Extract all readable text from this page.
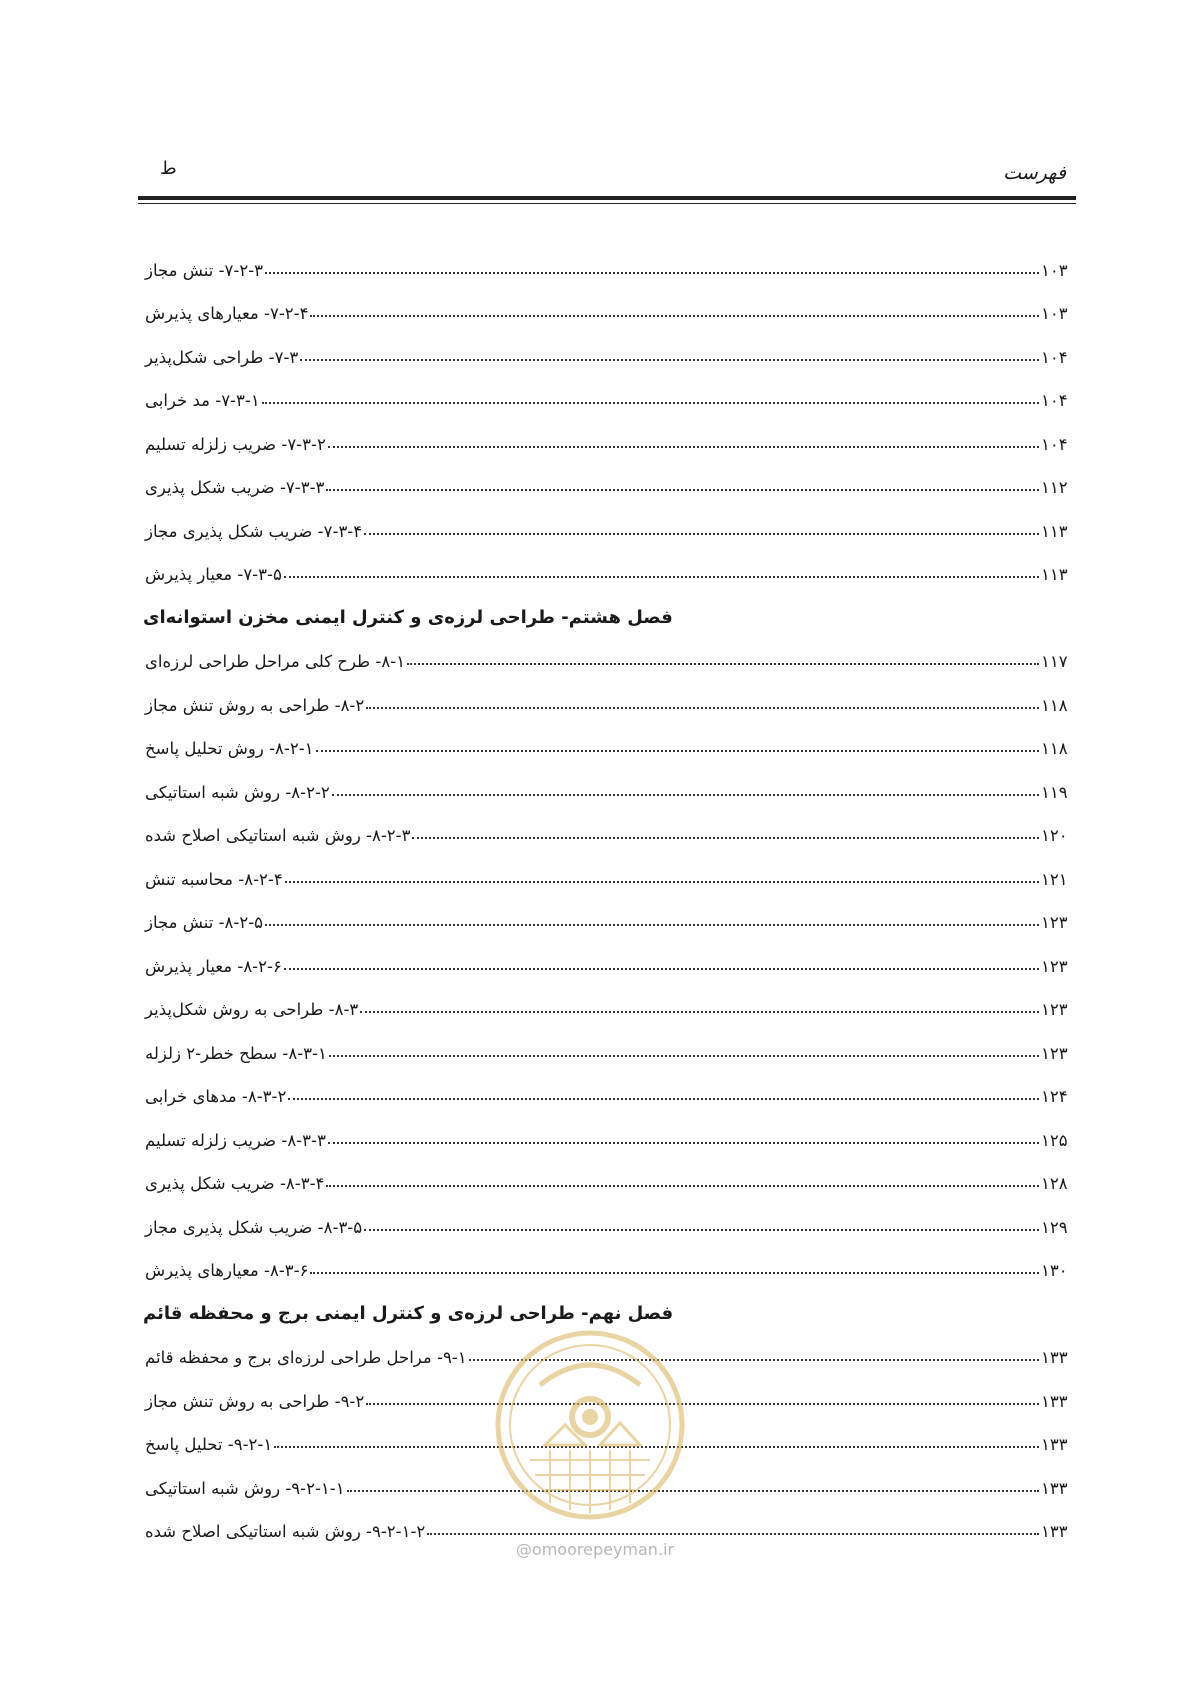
فهرست
ط
۷-۲-۳- تنش مجاز	۱۰۳
۷-۲-۴- معیارهای پذیرش	۱۰۳
۷-۳- طراحی شکل‌پذیر	۱۰۴
۷-۳-۱- مد خرابی	۱۰۴
۷-۳-۲- ضریب زلزله تسلیم	۱۰۴
۷-۳-۳- ضریب شکل پذیری	۱۱۲
۷-۳-۴- ضریب شکل پذیری مجاز	۱۱۳
۷-۳-۵- معیار پذیرش	۱۱۳
فصل هشتم- طراحی لرزه‌ی و کنترل ایمنی مخزن استوانه‌ای
۸-۱- طرح کلی مراحل طراحی لرزه‌ای	۱۱۷
۸-۲- طراحی به روش تنش مجاز	۱۱۸
۸-۲-۱- روش تحلیل پاسخ	۱۱۸
۸-۲-۲- روش شبه استاتیکی	۱۱۹
۸-۲-۳- روش شبه استاتیکی اصلاح شده	۱۲۰
۸-۲-۴- محاسبه تنش	۱۲۱
۸-۲-۵- تنش مجاز	۱۲۳
۸-۲-۶- معیار پذیرش	۱۲۳
۸-۳- طراحی به روش شکل‌پذیر	۱۲۳
۸-۳-۱- سطح خطر-۲ زلزله	۱۲۳
۸-۳-۲- مدهای خرابی	۱۲۴
۸-۳-۳- ضریب زلزله تسلیم	۱۲۵
۸-۳-۴- ضریب شکل پذیری	۱۲۸
۸-۳-۵- ضریب شکل پذیری مجاز	۱۲۹
۸-۳-۶- معیارهای پذیرش	۱۳۰
فصل نهم- طراحی لرزه‌ی و کنترل ایمنی برج و محفظه قائم
۹-۱- مراحل طراحی لرزه‌ای برج و محفظه قائم	۱۳۳
۹-۲- طراحی به روش تنش مجاز	۱۳۳
۹-۲-۱- تحلیل پاسخ	۱۳۳
۹-۲-۱-۱- روش شبه استاتیکی	۱۳۳
۹-۲-۱-۲- روش شبه استاتیکی اصلاح شده	۱۳۳
@omoorepeyman.ir
